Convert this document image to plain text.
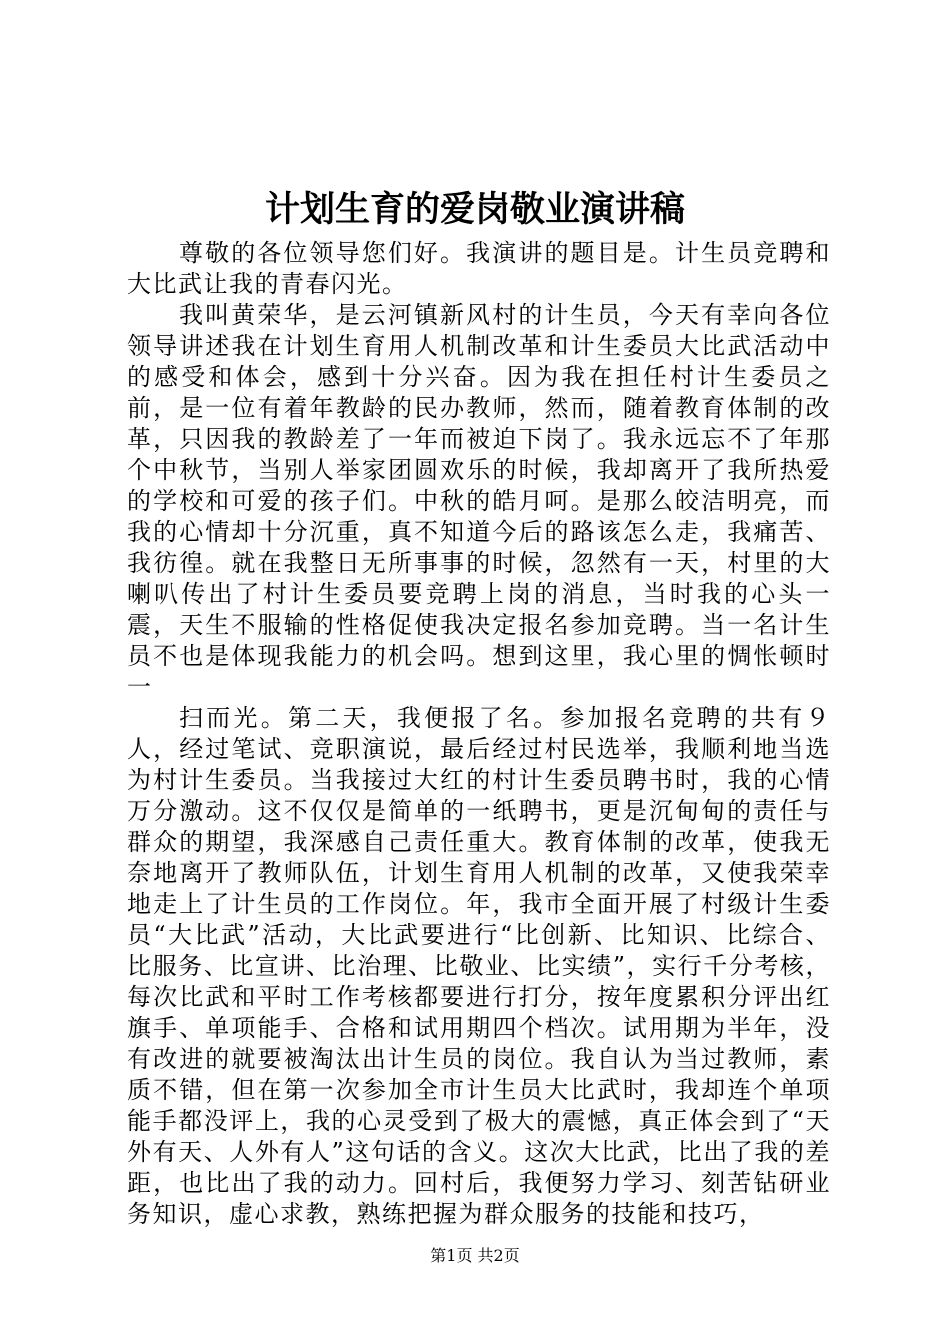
计划生育的爱岗敬业演讲稿

尊敬的各位领导您们好。我演讲的题目是。计生员竞聘和大比武让我的青春闪光。

我叫黄荣华，是云河镇新风村的计生员，今天有幸向各位领导讲述我在计划生育用人机制改革和计生委员大比武活动中的感受和体会，感到十分兴奋。因为我在担任村计生委员之前，是一位有着年教龄的民办教师，然而，随着教育体制的改革，只因我的教龄差了一年而被迫下岗了。我永远忘不了年那个中秋节，当别人举家团圆欢乐的时候，我却离开了我所热爱的学校和可爱的孩子们。中秋的皓月呵。是那么皎洁明亮，而我的心情却十分沉重，真不知道今后的路该怎么走，我痛苦、我彷徨。就在我整日无所事事的时候，忽然有一天，村里的大喇叭传出了村计生委员要竞聘上岗的消息，当时我的心头一震，天生不服输的性格促使我决定报名参加竞聘。当一名计生员不也是体现我能力的机会吗。想到这里，我心里的惆怅顿时一

扫而光。第二天，我便报了名。参加报名竞聘的共有９人，经过笔试、竞职演说，最后经过村民选举，我顺利地当选为村计生委员。当我接过大红的村计生委员聘书时，我的心情万分激动。这不仅仅是简单的一纸聘书，更是沉甸甸的责任与群众的期望，我深感自己责任重大。教育体制的改革，使我无奈地离开了教师队伍，计划生育用人机制的改革，又使我荣幸地走上了计生员的工作岗位。年，我市全面开展了村级计生委员“大比武”活动，大比武要进行“比创新、比知识、比综合、比服务、比宣讲、比治理、比敬业、比实绩”，实行千分考核，每次比武和平时工作考核都要进行打分，按年度累积分评出红旗手、单项能手、合格和试用期四个档次。试用期为半年，没有改进的就要被淘汰出计生员的岗位。我自认为当过教师，素质不错，但在第一次参加全市计生员大比武时，我却连个单项能手都没评上，我的心灵受到了极大的震憾，真正体会到了“天外有天、人外有人”这句话的含义。这次大比武，比出了我的差距，也比出了我的动力。回村后，我便努力学习、刻苦钻研业务知识，虚心求教，熟练把握为群众服务的技能和技巧，

第1页 共2页
